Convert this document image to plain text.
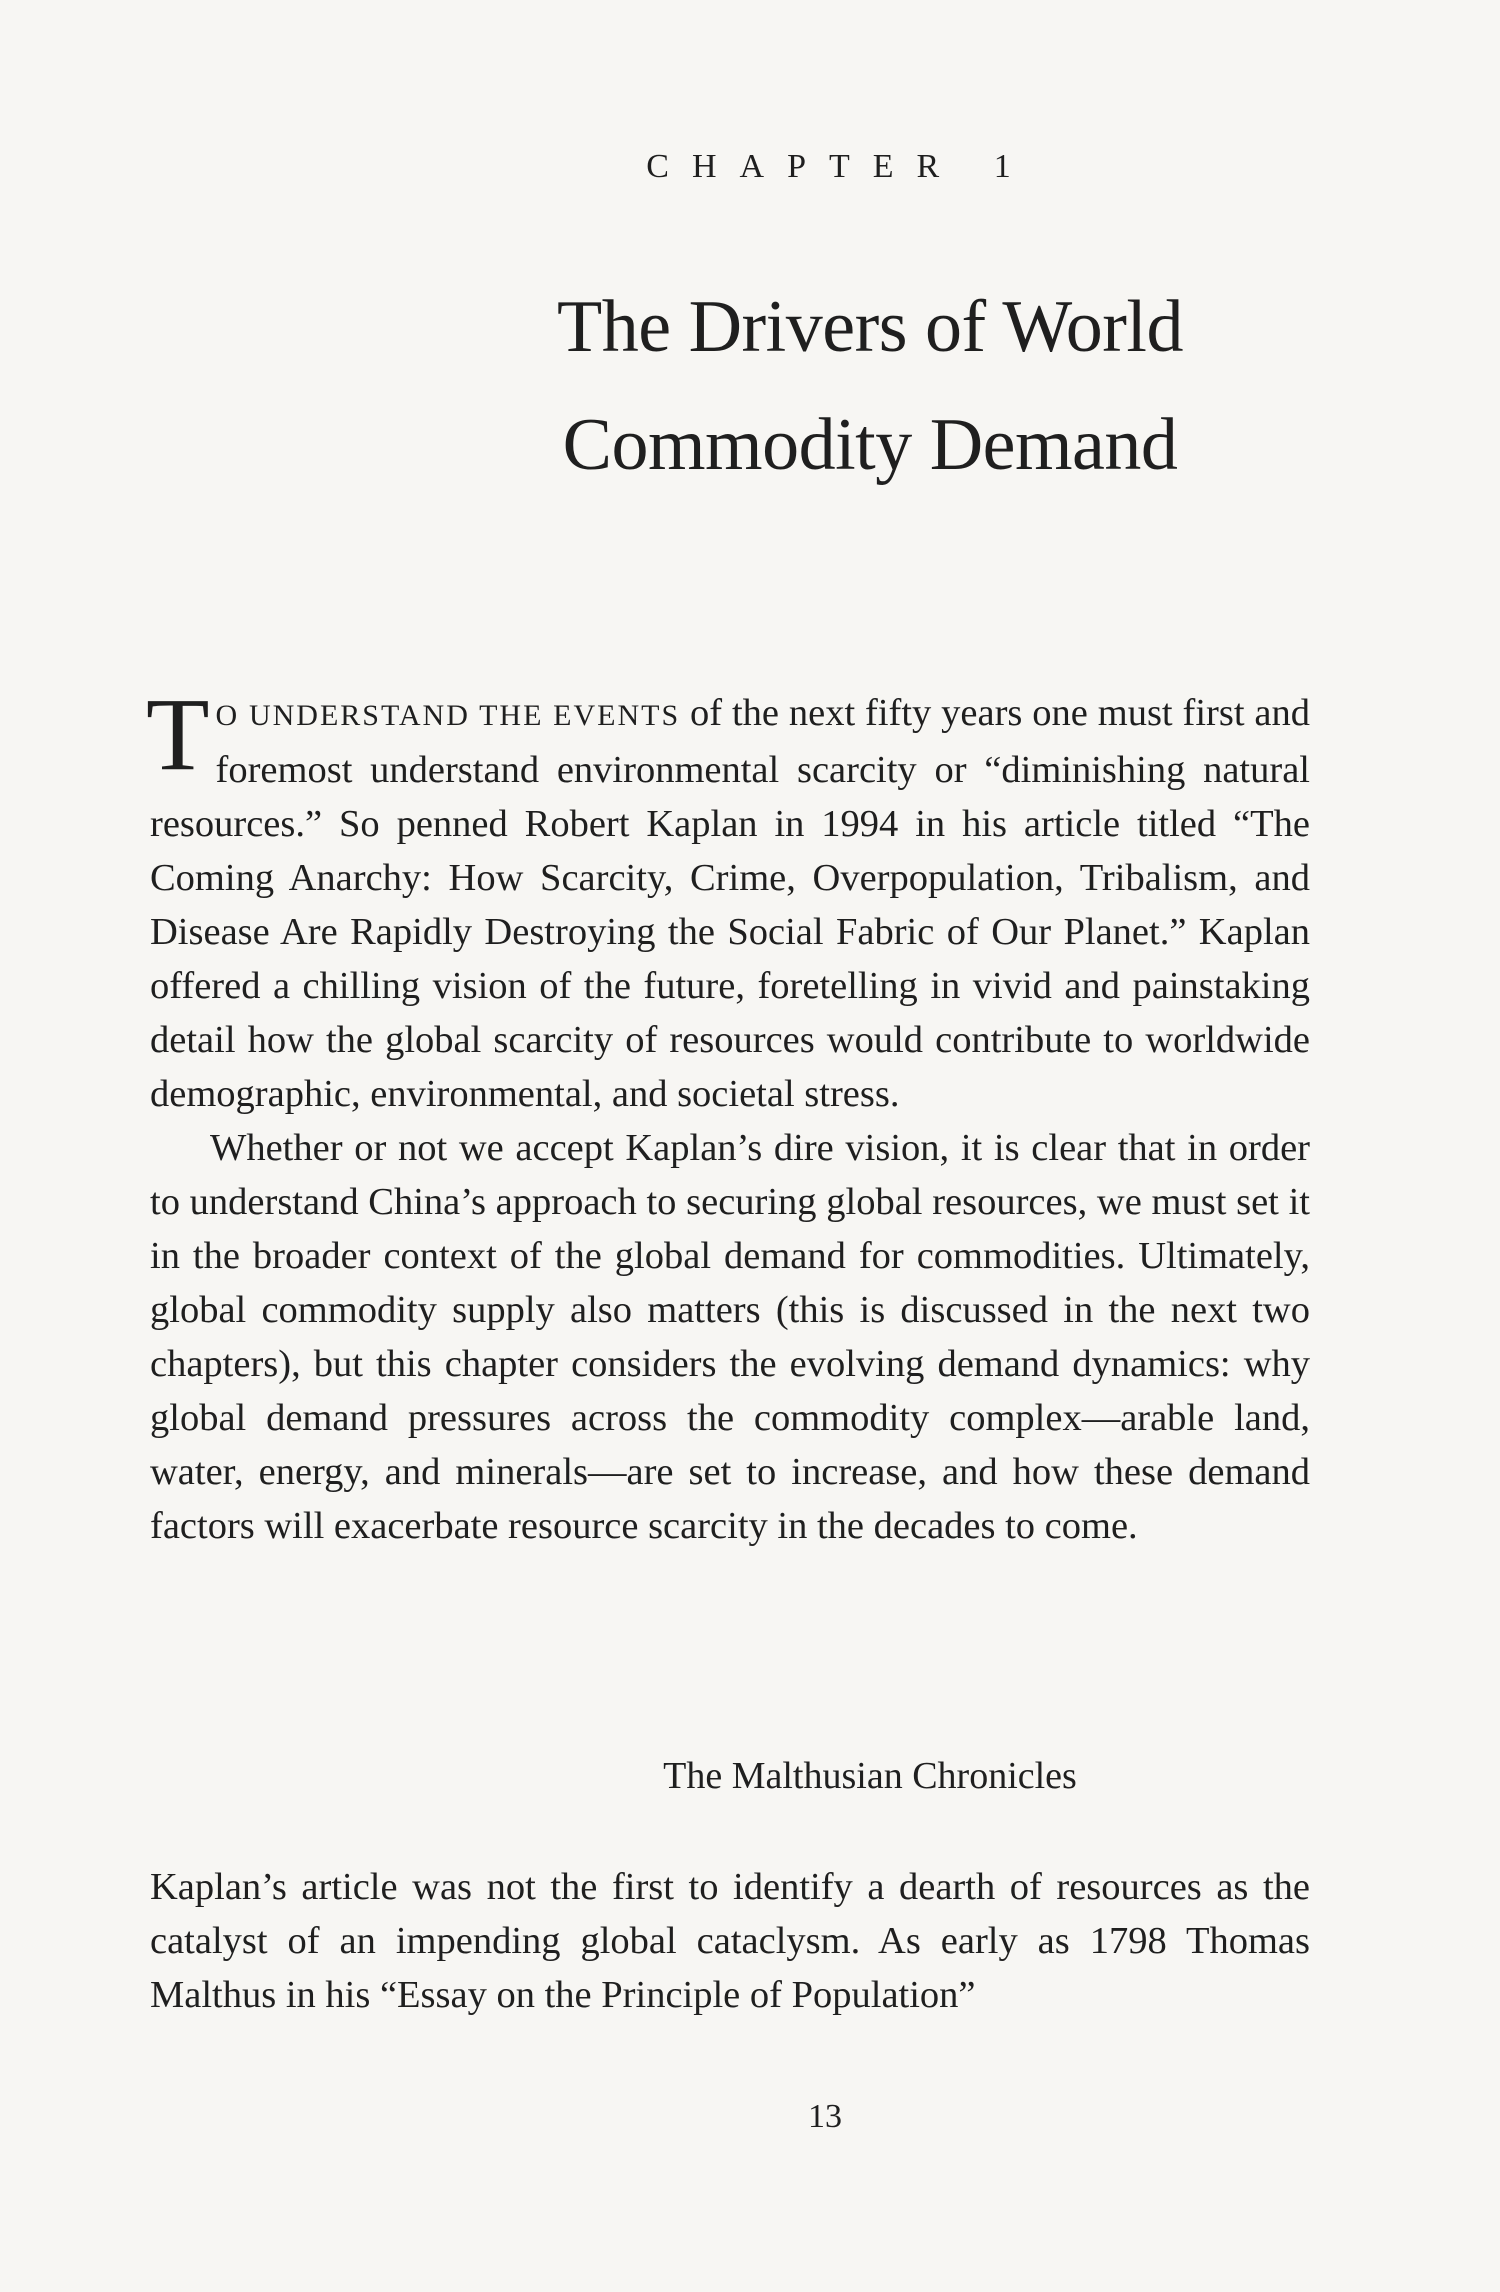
CHAPTER 1
The Drivers of World
Commodity Demand

T O UNDERSTAND THE EVENTS of the next fifty years one must first and foremost understand environmental scarcity or “diminishing natural resources.” So penned Robert Kaplan in 1994 in his article titled “The Coming Anarchy: How Scarcity, Crime, Overpopulation, Tribalism, and Disease Are Rapidly Destroying the Social Fabric of Our Planet.” Kaplan offered a chilling vision of the future, foretelling in vivid and painstaking detail how the global scarcity of resources would contribute to worldwide demographic, environmental, and societal stress.

Whether or not we accept Kaplan’s dire vision, it is clear that in order to understand China’s approach to securing global resources, we must set it in the broader context of the global demand for commodities. Ultimately, global commodity supply also matters (this is discussed in the next two chapters), but this chapter considers the evolving demand dynamics: why global demand pressures across the commodity complex—arable land, water, energy, and minerals—are set to increase, and how these demand factors will exacerbate resource scarcity in the decades to come.

The Malthusian Chronicles

Kaplan’s article was not the first to identify a dearth of resources as the catalyst of an impending global cataclysm. As early as 1798 Thomas Malthus in his “Essay on the Principle of Population”

13
